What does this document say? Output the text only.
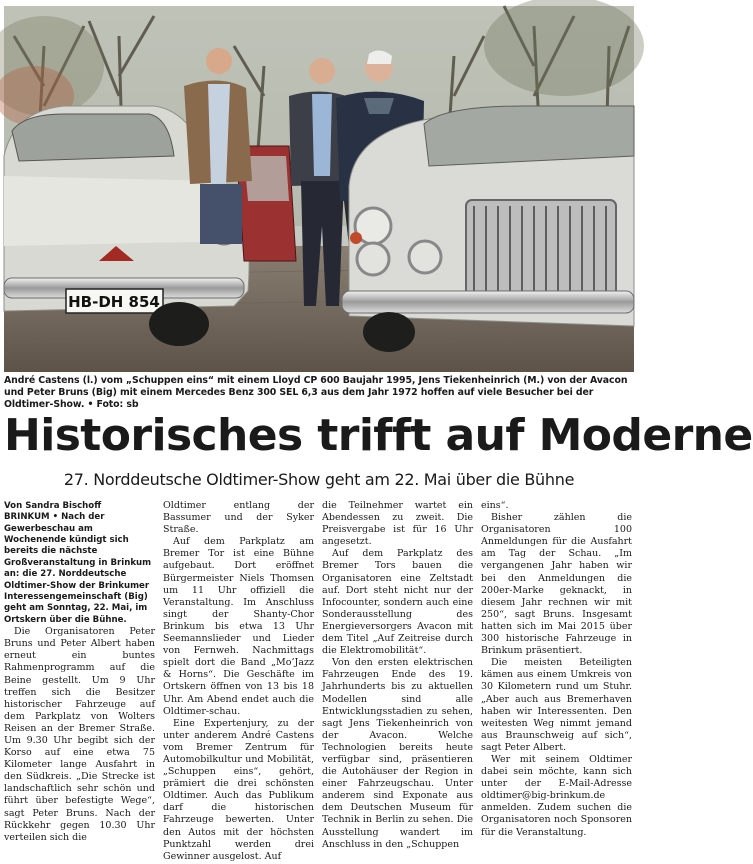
HB-DH 854
André Castens (l.) vom „Schuppen eins“ mit einem Lloyd CP 600 Baujahr 1995, Jens Tiekenheinrich (M.) von der Avacon und Peter Bruns (Big) mit einem Mercedes Benz 300 SEL 6,3 aus dem Jahr 1972 hoffen auf viele Besucher bei der Oldtimer-Show. • Foto: sb
Historisches trifft auf Moderne
27. Norddeutsche Oldtimer-Show geht am 22. Mai über die Bühne

Von Sandra Bischoff

BRINKUM • Nach der Gewerbeschau am Wochenende kündigt sich bereits die nächste Großveranstaltung in Brinkum an: die 27. Norddeutsche Oldtimer-Show der Brinkumer Interessengemeinschaft (Big) geht am Sonntag, 22. Mai, im Ortskern über die Bühne.

Die Organisatoren Peter Bruns und Peter Albert haben erneut ein buntes Rahmenprogramm auf die Beine gestellt. Um 9 Uhr treffen sich die Besitzer historischer Fahrzeuge auf dem Parkplatz von Wolters Reisen an der Bremer Straße. Um 9.30 Uhr begibt sich der Korso auf eine etwa 75 Kilometer lange Ausfahrt in den Südkreis. „Die Strecke ist landschaftlich sehr schön und führt über befestigte Wege“, sagt Peter Bruns. Nach der Rückkehr gegen 10.30 Uhr verteilen sich die

Oldtimer entlang der Bassumer und der Syker Straße.

Auf dem Parkplatz am Bremer Tor ist eine Bühne aufgebaut. Dort eröffnet Bürgermeister Niels Thomsen um 11 Uhr offiziell die Veranstaltung. Im Anschluss singt der Shanty-Chor Brinkum bis etwa 13 Uhr Seemannslieder und Lieder von Fernweh. Nachmittags spielt dort die Band „Mo’Jazz & Horns“. Die Geschäfte im Ortskern öffnen von 13 bis 18 Uhr. Am Abend endet auch die Oldtimer-schau.

Eine Expertenjury, zu der unter anderem André Castens vom Bremer Zentrum für Automobilkultur und Mobilität, „Schuppen eins“, gehört, prämiert die drei schönsten Oldtimer. Auch das Publikum darf die historischen Fahrzeuge bewerten. Unter den Autos mit der höchsten Punktzahl werden drei Gewinner ausgelost. Auf

die Teilnehmer wartet ein Abendessen zu zweit. Die Preisvergabe ist für 16 Uhr angesetzt.

Auf dem Parkplatz des Bremer Tors bauen die Organisatoren eine Zeltstadt auf. Dort steht nicht nur der Infocounter, sondern auch eine Sonderausstellung des Energieversorgers Avacon mit dem Titel „Auf Zeitreise durch die Elektromobilität“.

Von den ersten elektrischen Fahrzeugen Ende des 19. Jahrhunderts bis zu aktuellen Modellen sind alle Entwicklungsstadien zu sehen, sagt Jens Tiekenheinrich von der Avacon. Welche Technologien bereits heute verfügbar sind, präsentieren die Autohäuser der Region in einer Fahrzeugschau. Unter anderem sind Exponate aus dem Deutschen Museum für Technik in Berlin zu sehen. Die Ausstellung wandert im Anschluss in den „Schuppen

eins“.

Bisher zählen die Organisatoren 100 Anmeldungen für die Ausfahrt am Tag der Schau. „Im vergangenen Jahr haben wir bei den Anmeldungen die 200er-Marke geknackt, in diesem Jahr rechnen wir mit 250“, sagt Bruns. Insgesamt hatten sich im Mai 2015 über 300 historische Fahrzeuge in Brinkum präsentiert.

Die meisten Beteiligten kämen aus einem Umkreis von 30 Kilometern rund um Stuhr. „Aber auch aus Bremerhaven haben wir Interessenten. Den weitesten Weg nimmt jemand aus Braunschweig auf sich“, sagt Peter Albert.

Wer mit seinem Oldtimer dabei sein möchte, kann sich unter der E-Mail-Adresse oldtimer@big-brinkum.de anmelden. Zudem suchen die Organisatoren noch Sponsoren für die Veranstaltung.
